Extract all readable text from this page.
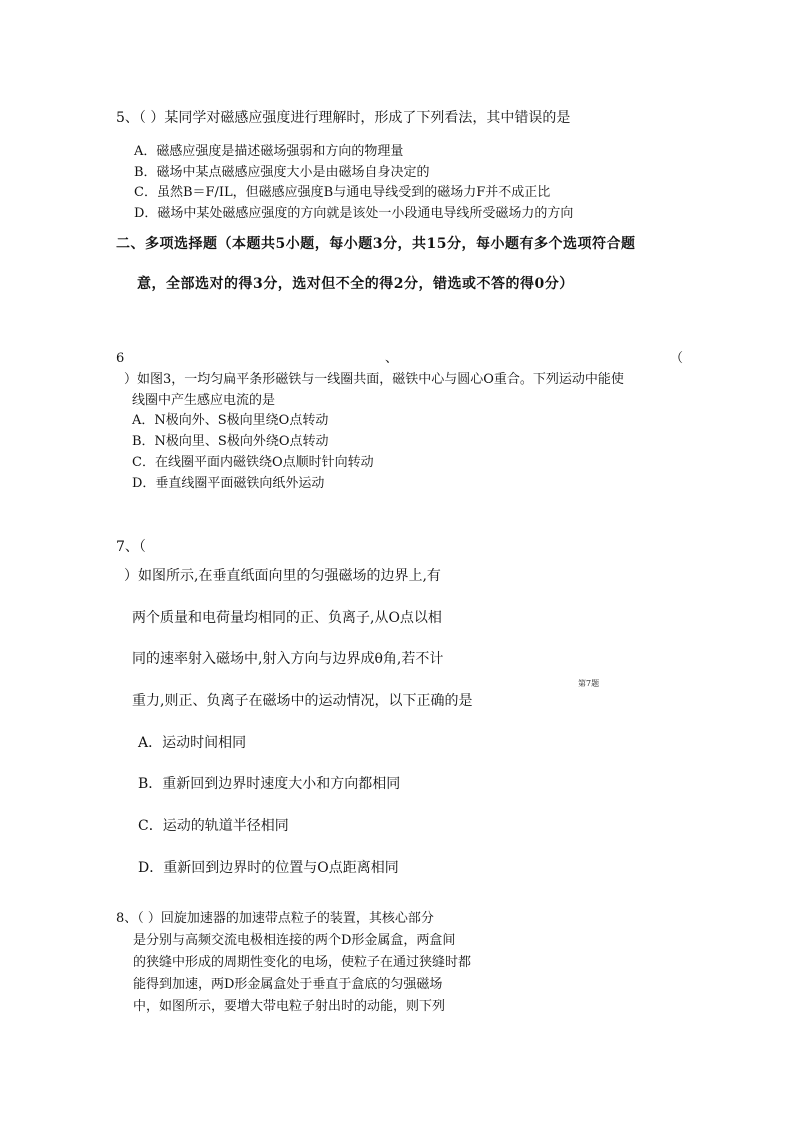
5、（ ）某同学对磁感应强度进行理解时，形成了下列看法，其中错误的是
A．磁感应强度是描述磁场强弱和方向的物理量
B．磁场中某点磁感应强度大小是由磁场自身决定的
C．虽然B＝F/IL，但磁感应强度B与通电导线受到的磁场力F并不成正比
D．磁场中某处磁感应强度的方向就是该处一小段通电导线所受磁场力的方向
二、多项选择题（本题共5小题，每小题3分，共15分，每小题有多个选项符合题
意，全部选对的得3分，选对但不全的得2分，错选或不答的得0分）
6	、	（
）如图3，一均匀扁平条形磁铁与一线圈共面，磁铁中心与圆心O重合。下列运动中能使
线圈中产生感应电流的是
A．N极向外、S极向里绕O点转动
B．N极向里、S极向外绕O点转动
C．在线圈平面内磁铁绕O点顺时针向转动
D．垂直线圈平面磁铁向纸外运动
7、（
）如图所示,在垂直纸面向里的匀强磁场的边界上,有
两个质量和电荷量均相同的正、负离子,从O点以相
同的速率射入磁场中,射入方向与边界成θ角,若不计
第7题
重力,则正、负离子在磁场中的运动情况，以下正确的是
A．运动时间相同
B．重新回到边界时速度大小和方向都相同
C．运动的轨道半径相同
D．重新回到边界时的位置与O点距离相同
8、（ ）回旋加速器的加速带点粒子的装置，其核心部分
是分别与高频交流电极相连接的两个D形金属盒，两盒间
的狭缝中形成的周期性变化的电场，使粒子在通过狭缝时都
能得到加速，两D形金属盒处于垂直于盒底的匀强磁场
中，如图所示，要增大带电粒子射出时的动能，则下列
